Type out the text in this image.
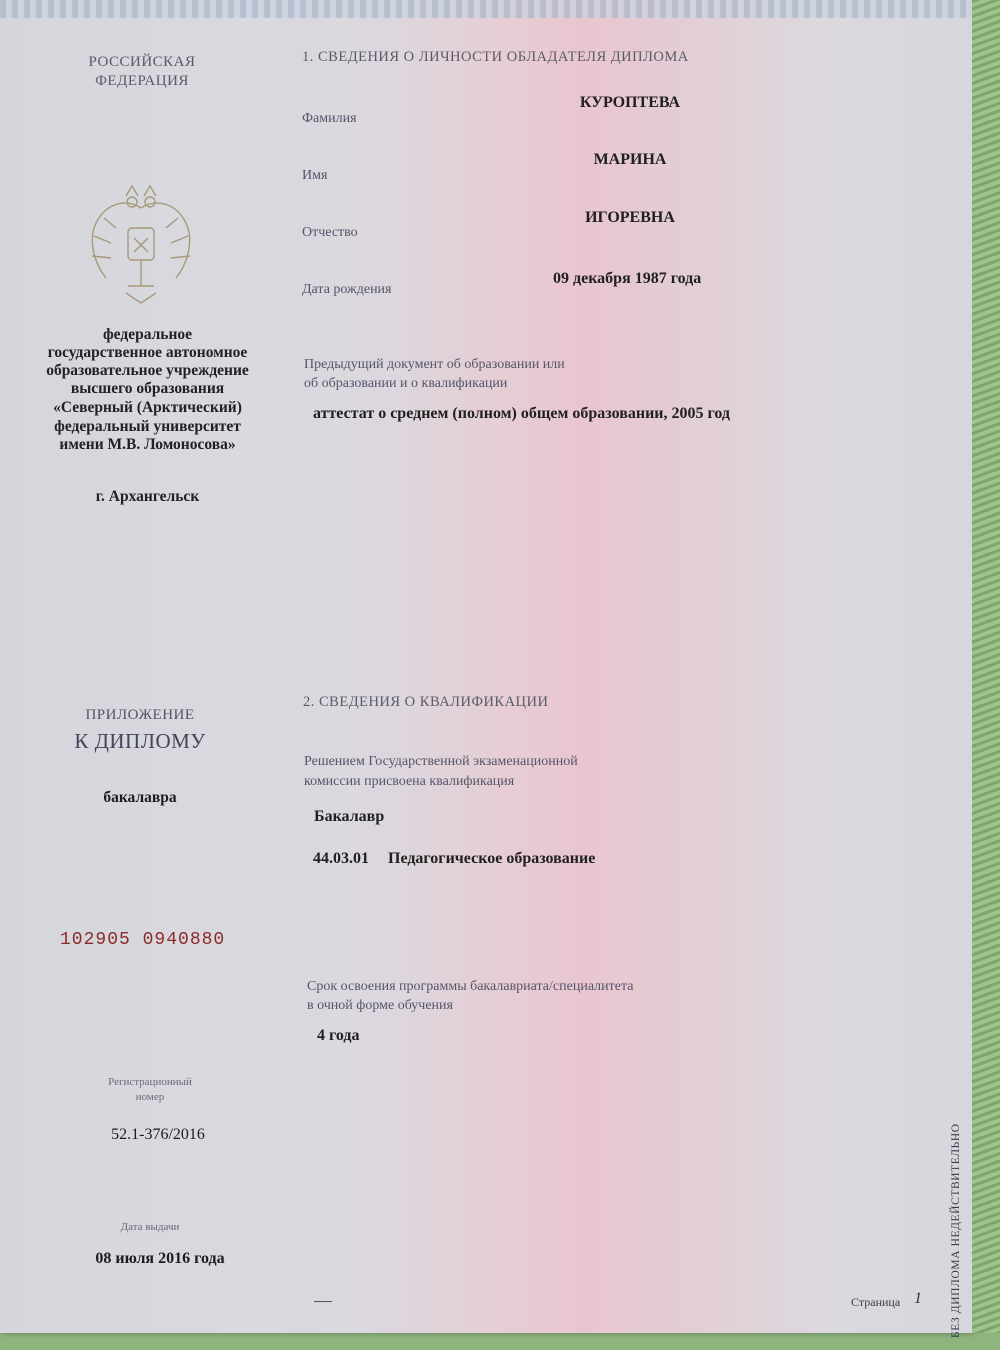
РОССИЙСКАЯ
ФЕДЕРАЦИЯ
федеральное
государственное автономное
образовательное учреждение
высшего образования
«Северный (Арктический)
федеральный университет
имени М.В. Ломоносова»
г. Архангельск
ПРИЛОЖЕНИЕ
К ДИПЛОМУ
бакалавра
102905 0940880
Регистрационный
номер
52.1-376/2016
Дата выдачи
08 июля 2016 года
1. СВЕДЕНИЯ О ЛИЧНОСТИ ОБЛАДАТЕЛЯ ДИПЛОМА
Фамилия
КУРОПТЕВА
Имя
МАРИНА
Отчество
ИГОРЕВНА
Дата рождения
09 декабря 1987 года
Предыдущий документ об образовании или
об образовании и о квалификации
аттестат о среднем (полном) общем образовании, 2005 год
2. СВЕДЕНИЯ О КВАЛИФИКАЦИИ
Решением Государственной экзаменационной
комиссии присвоена квалификация
Бакалавр
44.03.01 Педагогическое образование
Срок освоения программы бакалавриата/специалитета
в очной форме обучения
4 года
Страница 1 БЕЗ ДИПЛОМА НЕДЕЙСТВИТЕЛЬНО
